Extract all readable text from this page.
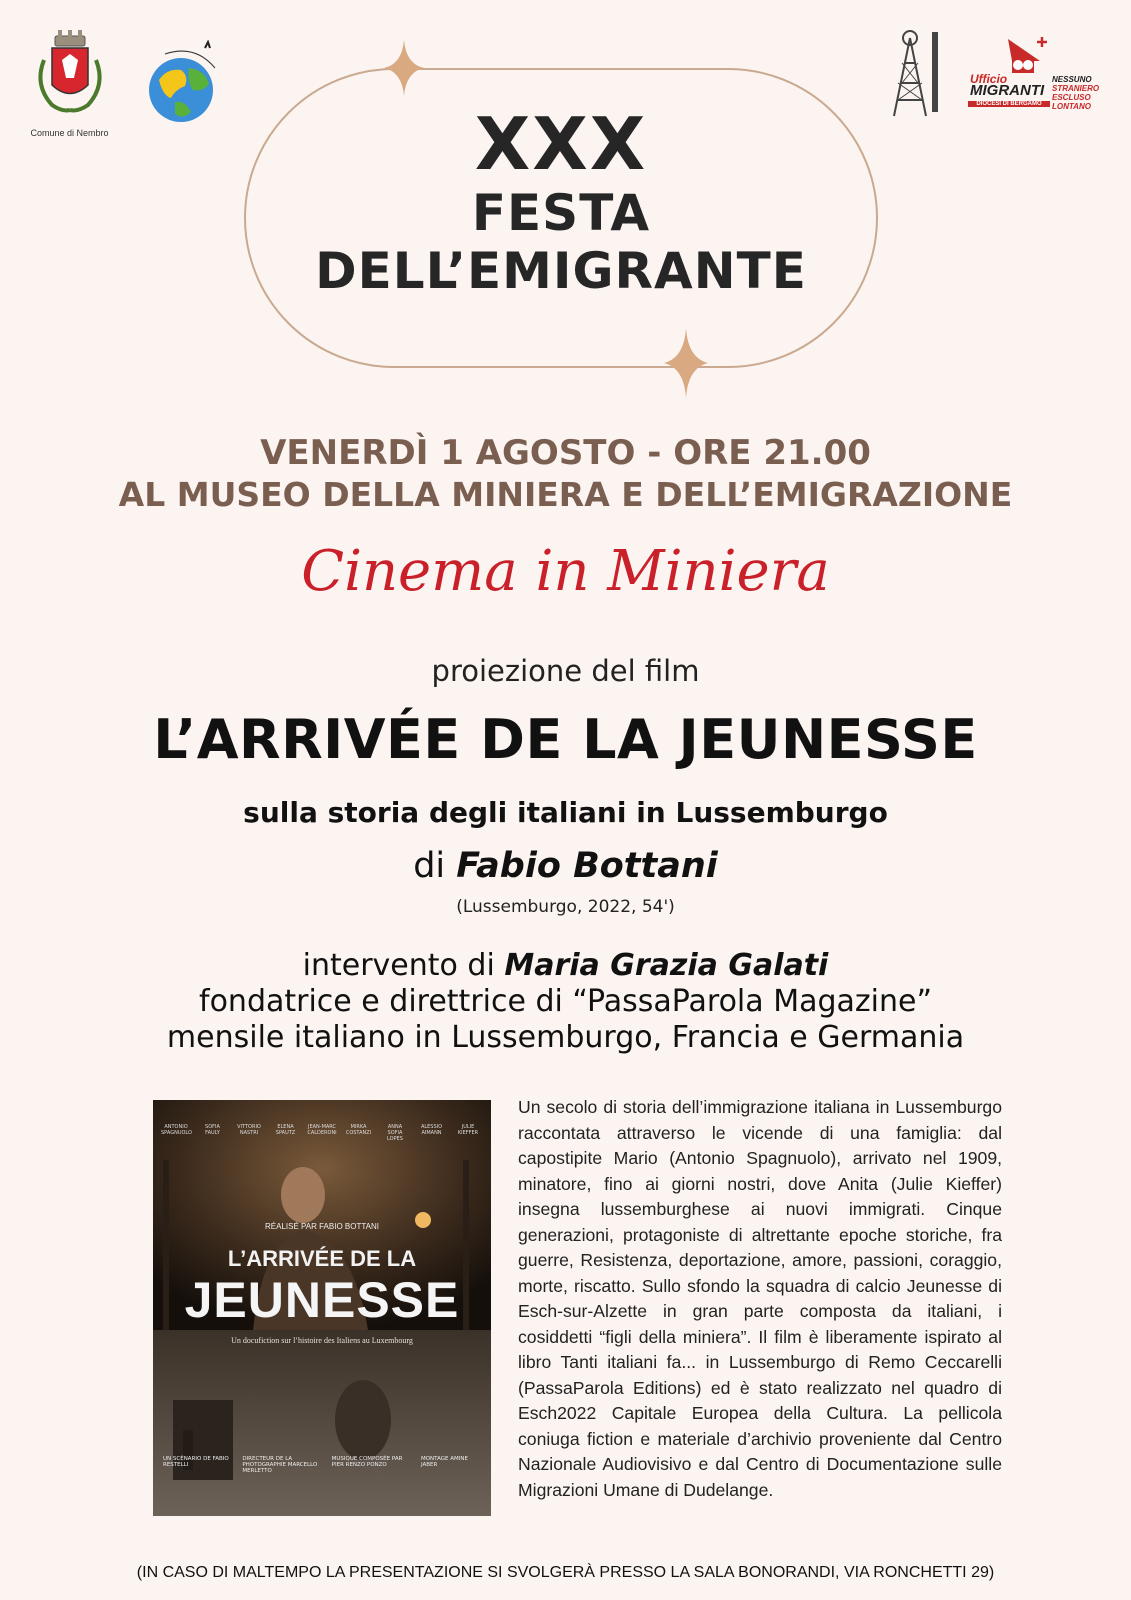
Comune di Nembro
Ufficio
MIGRANTI
NESSUNO
STRANIERO
ESCLUSO
LONTANO
DIOCESI DI BERGAMO
XXX
FESTA
DELL’EMIGRANTE
VENERDÌ 1 AGOSTO - ORE 21.00
AL MUSEO DELLA MINIERA E DELL’EMIGRAZIONE
Cinema in Miniera
proiezione del film
L’ARRIVÉE DE LA JEUNESSE
sulla storia degli italiani in Lussemburgo
di Fabio Bottani
(Lussemburgo, 2022, 54')
intervento di Maria Grazia Galati
fondatrice e direttrice di “PassaParola Magazine”
mensile italiano in Lussemburgo, Francia e Germania
ANTONIO SPAGNUOLO
SOFIA FAULY
VITTORIO NASTRI
ELENA SPAUTZ
JEAN-MARC CALDERONI
MIRKA COSTANZI
ANNA SOFIA LOPES
ALESSIO AIMANN
JULIE KIEFFER
RÉALISÉ PAR FABIO BOTTANI
L’ARRIVÉE DE LA
JEUNESSE
Un docufiction sur l’histoire des Italiens au Luxembourg
UN SCÉNARIO DE FABIO RESTELLI
DIRECTEUR DE LA PHOTOGRAPHIE MARCELLO MERLETTO
MUSIQUE COMPOSÉE PAR PIER RENZO PONZO
MONTAGE AMINE JABER
Un secolo di storia dell’immigrazione italiana in Lussemburgo raccontata attraverso le vicende di una famiglia: dal capostipite Mario (Antonio Spagnuolo), arrivato nel 1909, minatore, fino ai giorni nostri, dove Anita (Julie Kieffer) insegna lussemburghese ai nuovi immigrati. Cinque generazioni, protagoniste di altrettante epoche storiche, fra guerre, Resistenza, deportazione, amore, passioni, coraggio, morte, riscatto. Sullo sfondo la squadra di calcio Jeunesse di Esch-sur-Alzette in gran parte composta da italiani, i cosiddetti “figli della miniera”. Il film è liberamente ispirato al libro Tanti italiani fa... in Lussemburgo di Remo Ceccarelli (PassaParola Editions) ed è stato realizzato nel quadro di Esch2022 Capitale Europea della Cultura. La pellicola coniuga fiction e materiale d’archivio proveniente dal Centro Nazionale Audiovisivo e dal Centro di Documentazione sulle Migrazioni Umane di Dudelange.
(IN CASO DI MALTEMPO LA PRESENTAZIONE SI SVOLGERÀ PRESSO LA SALA BONORANDI, VIA RONCHETTI 29)
